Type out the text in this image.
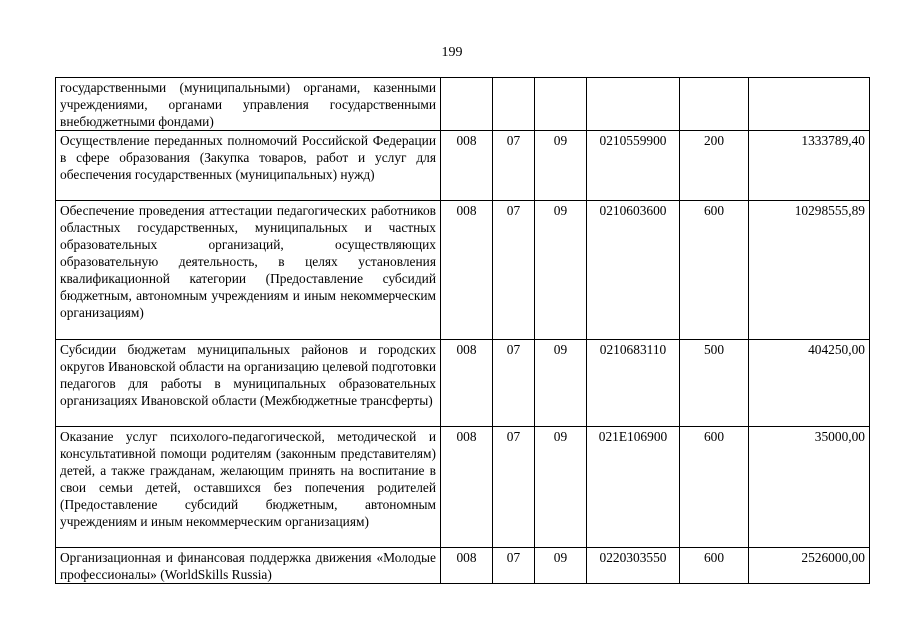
199
государственными (муниципальными) органами, казенными учреждениями, органами управления государственными внебюджетными фондами)						
Осуществление переданных полномочий Российской Федерации в сфере образования (Закупка товаров, работ и услуг для обеспечения государственных (муниципальных) нужд)	008	07	09	0210559900	200	1333789,40
Обеспечение проведения аттестации педагогических работников областных государственных, муниципальных и частных образовательных организаций, осуществляющих образовательную деятельность, в целях установления квалификационной категории (Предоставление субсидий бюджетным, автономным учреждениям и иным некоммерческим организациям)	008	07	09	0210603600	600	10298555,89
Субсидии бюджетам муниципальных районов и городских округов Ивановской области на организацию целевой подготовки педагогов для работы в муниципальных образовательных организациях Ивановской области (Межбюджетные трансферты)	008	07	09	0210683110	500	404250,00
Оказание услуг психолого-педагогической, методической и консультативной помощи родителям (законным представителям) детей, а также гражданам, желающим принять на воспитание в свои семьи детей, оставшихся без попечения родителей (Предоставление субсидий бюджетным, автономным учреждениям и иным некоммерческим организациям)	008	07	09	021E106900	600	35000,00
Организационная и финансовая поддержка движения «Молодые профессионалы» (WorldSkills Russia)	008	07	09	0220303550	600	2526000,00
